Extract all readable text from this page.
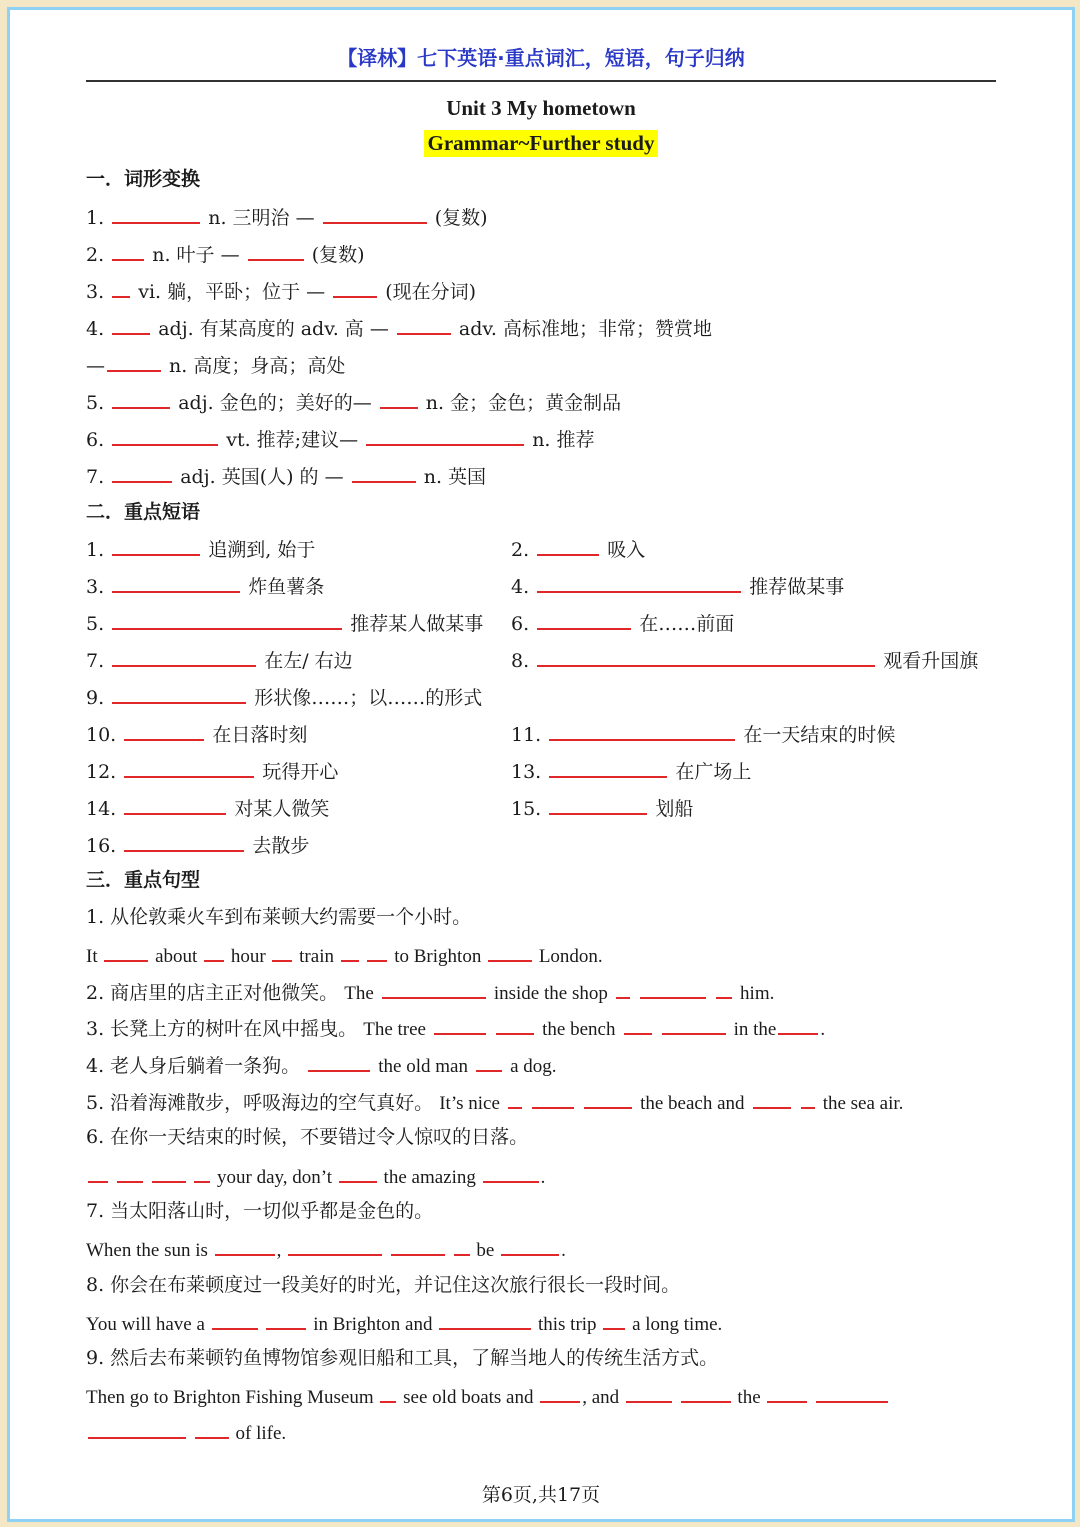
【译林】七下英语·重点词汇，短语，句子归纳
Unit 3 My hometown
Grammar~Further study
一．词形变换
1.	n. 三明治 —	(复数)
2.	n. 叶子 —	(复数)
3. vi. 躺，平卧；位于 —	(现在分词)
4.	adj. 有某高度的 adv. 高 —	adv. 高标准地；非常；赞赏地
—	n. 高度；身高；高处
5.	adj. 金色的；美好的—	n. 金；金色；黄金制品
6.	vt. 推荐;建议—	n. 推荐
7.	adj. 英国(人) 的 —	n. 英国
二．重点短语
1.	追溯到, 始于	2.	吸入
3.	炸鱼薯条	4.	推荐做某事
5.	推荐某人做某事 6.	在……前面
7.	在左/ 右边	8.	观看升国旗
9.	形状像……；以……的形式
10.	在日落时刻	11.	在一天结束的时候
12.	玩得开心	13.	在广场上
14.	对某人微笑	15.	划船
16.	去散步
三．重点句型
1. 从伦敦乘火车到布莱顿大约需要一个小时。
It	about hour train	to Brighton	London.
2. 商店里的店主正对他微笑。 The	inside the shop	him.
3. 长凳上方的树叶在风中摇曳。 The tree	the bench	in the .
4. 老人身后躺着一条狗。	the old man a dog.
5. 沿着海滩散步，呼吸海边的空气真好。 It’s nice	the beach and	the sea air.
6. 在你一天结束的时候，不要错过令人惊叹的日落。
your day, don’t	the amazing	.
7. 当太阳落山时，一切似乎都是金色的。
When the sun is	,	be	.
8. 你会在布莱顿度过一段美好的时光，并记住这次旅行很长一段时间。
You will have a	in Brighton and	this trip a long time.
9. 然后去布莱顿钓鱼博物馆参观旧船和工具，了解当地人的传统生活方式。
Then go to Brighton Fishing Museum see old boats and	, and	the
of life.
第6页,共17页
